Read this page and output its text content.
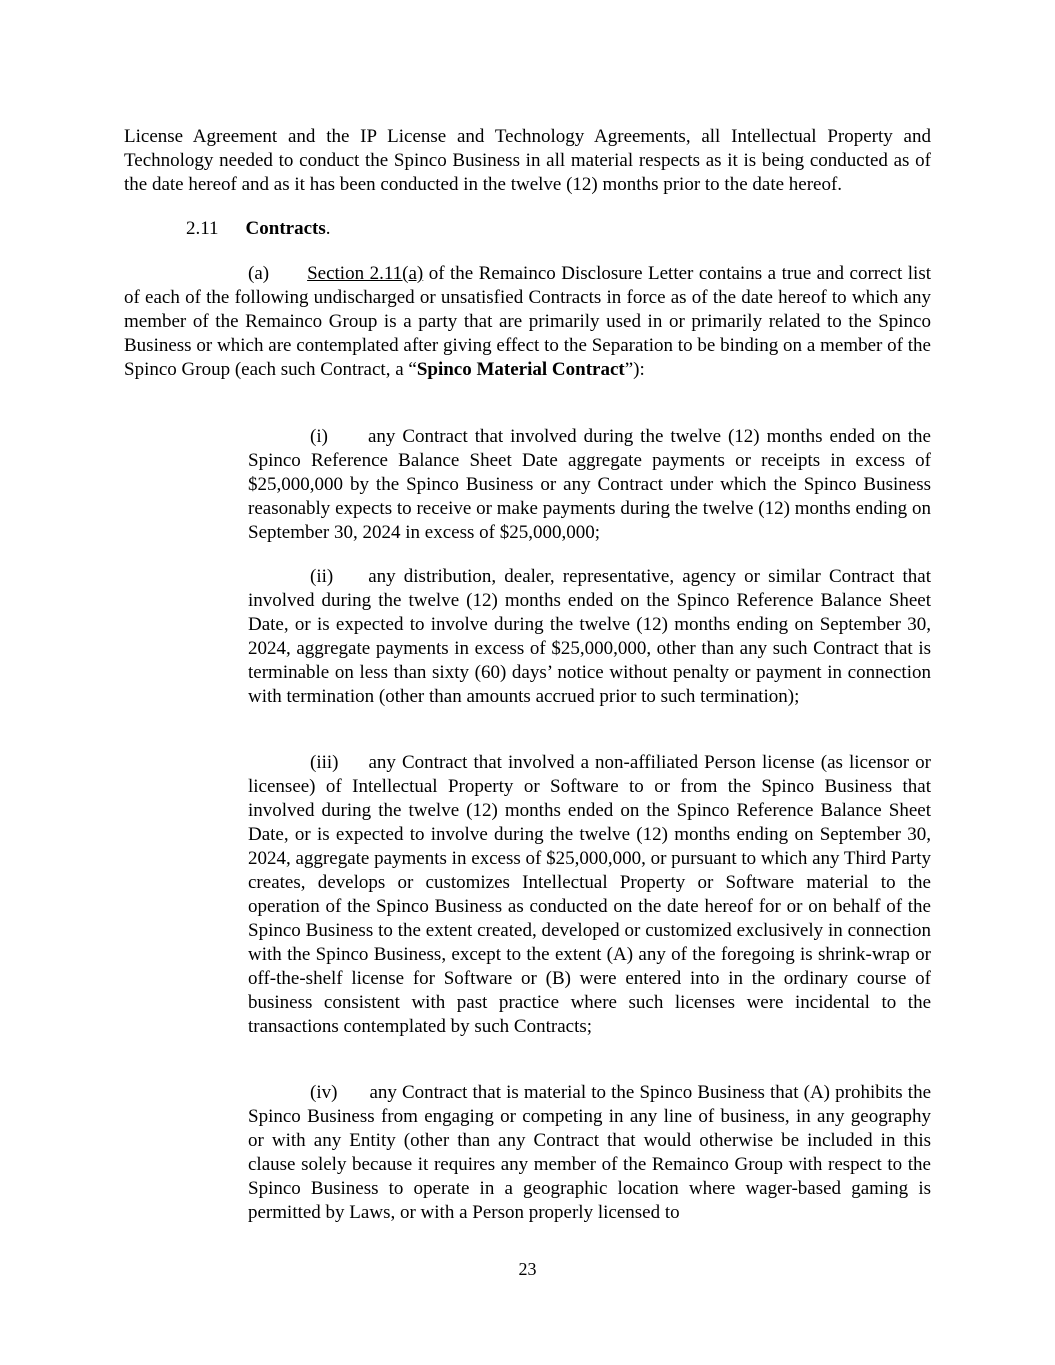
License Agreement and the IP License and Technology Agreements, all Intellectual Property and Technology needed to conduct the Spinco Business in all material respects as it is being conducted as of the date hereof and as it has been conducted in the twelve (12) months prior to the date hereof.

2.11 Contracts.

(a) Section 2.11(a) of the Remainco Disclosure Letter contains a true and correct list of each of the following undischarged or unsatisfied Contracts in force as of the date hereof to which any member of the Remainco Group is a party that are primarily used in or primarily related to the Spinco Business or which are contemplated after giving effect to the Separation to be binding on a member of the Spinco Group (each such Contract, a “Spinco Material Contract”):

(i) any Contract that involved during the twelve (12) months ended on the Spinco Reference Balance Sheet Date aggregate payments or receipts in excess of $25,000,000 by the Spinco Business or any Contract under which the Spinco Business reasonably expects to receive or make payments during the twelve (12) months ending on September 30, 2024 in excess of $25,000,000;

(ii) any distribution, dealer, representative, agency or similar Contract that involved during the twelve (12) months ended on the Spinco Reference Balance Sheet Date, or is expected to involve during the twelve (12) months ending on September 30, 2024, aggregate payments in excess of $25,000,000, other than any such Contract that is terminable on less than sixty (60) days’ notice without penalty or payment in connection with termination (other than amounts accrued prior to such termination);

(iii) any Contract that involved a non-affiliated Person license (as licensor or licensee) of Intellectual Property or Software to or from the Spinco Business that involved during the twelve (12) months ended on the Spinco Reference Balance Sheet Date, or is expected to involve during the twelve (12) months ending on September 30, 2024, aggregate payments in excess of $25,000,000, or pursuant to which any Third Party creates, develops or customizes Intellectual Property or Software material to the operation of the Spinco Business as conducted on the date hereof for or on behalf of the Spinco Business to the extent created, developed or customized exclusively in connection with the Spinco Business, except to the extent (A) any of the foregoing is shrink-wrap or off-the-shelf license for Software or (B) were entered into in the ordinary course of business consistent with past practice where such licenses were incidental to the transactions contemplated by such Contracts;

(iv) any Contract that is material to the Spinco Business that (A) prohibits the Spinco Business from engaging or competing in any line of business, in any geography or with any Entity (other than any Contract that would otherwise be included in this clause solely because it requires any member of the Remainco Group with respect to the Spinco Business to operate in a geographic location where wager-based gaming is permitted by Laws, or with a Person properly licensed to

23
